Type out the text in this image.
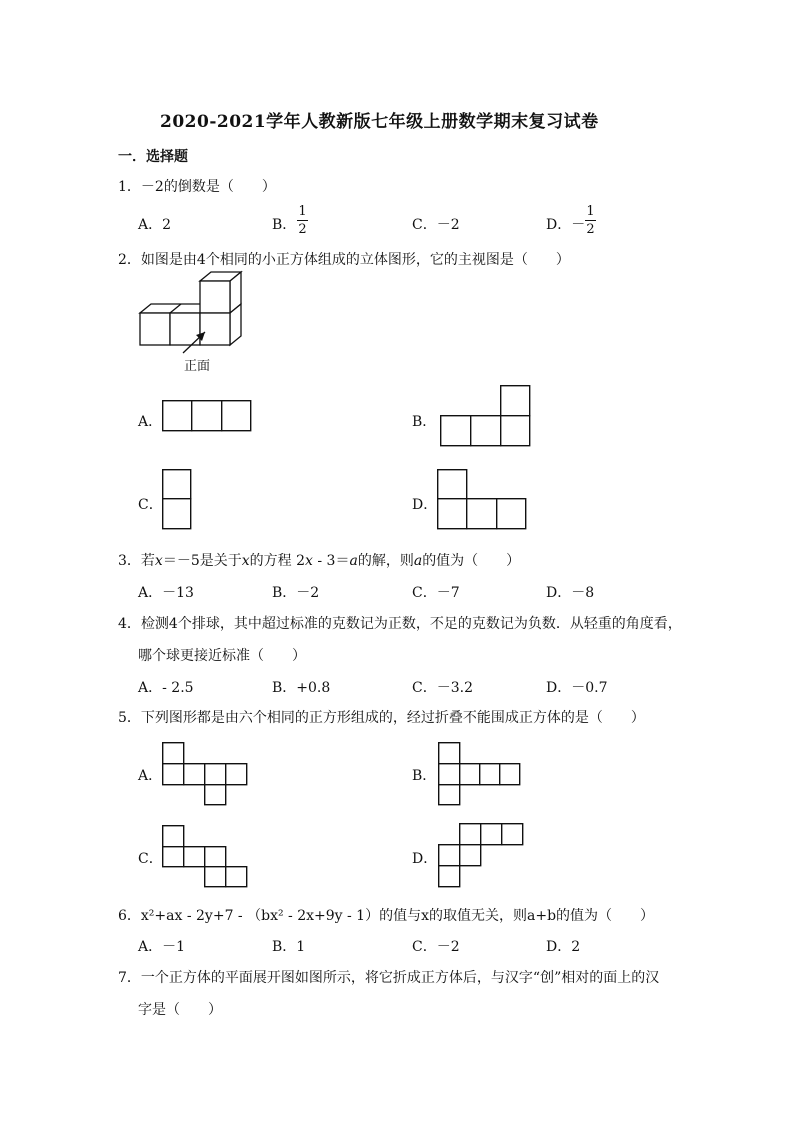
2020-2021学年人教新版七年级上册数学期末复习试卷
一．选择题
1．－2的倒数是（　　）
A．2	B．
1
2	C．－2	D．－
1
2
2．如图是由4个相同的小正方体组成的立体图形，它的主视图是（　　）
正面
A．	B．
C．	D．
3．若x＝－5是关于x的方程 2x - 3＝a的解，则a的值为（　　）
A．－13	B．－2	C．－7	D．－8
4．检测4个排球，其中超过标准的克数记为正数，不足的克数记为负数．从轻重的角度看，
哪个球更接近标准（　　）
A．- 2.5	B．+0.8	C．－3.2	D．－0.7
5．下列图形都是由六个相同的正方形组成的，经过折叠不能围成正方体的是（　　）
A．	B．
C．	D．
6．x²+ax - 2y+7 - （bx² - 2x+9y - 1）的值与x的取值无关，则a+b的值为（　　）
A．－1	B．1	C．－2	D．2
7．一个正方体的平面展开图如图所示，将它折成正方体后，与汉字“创”相对的面上的汉
字是（　　）
